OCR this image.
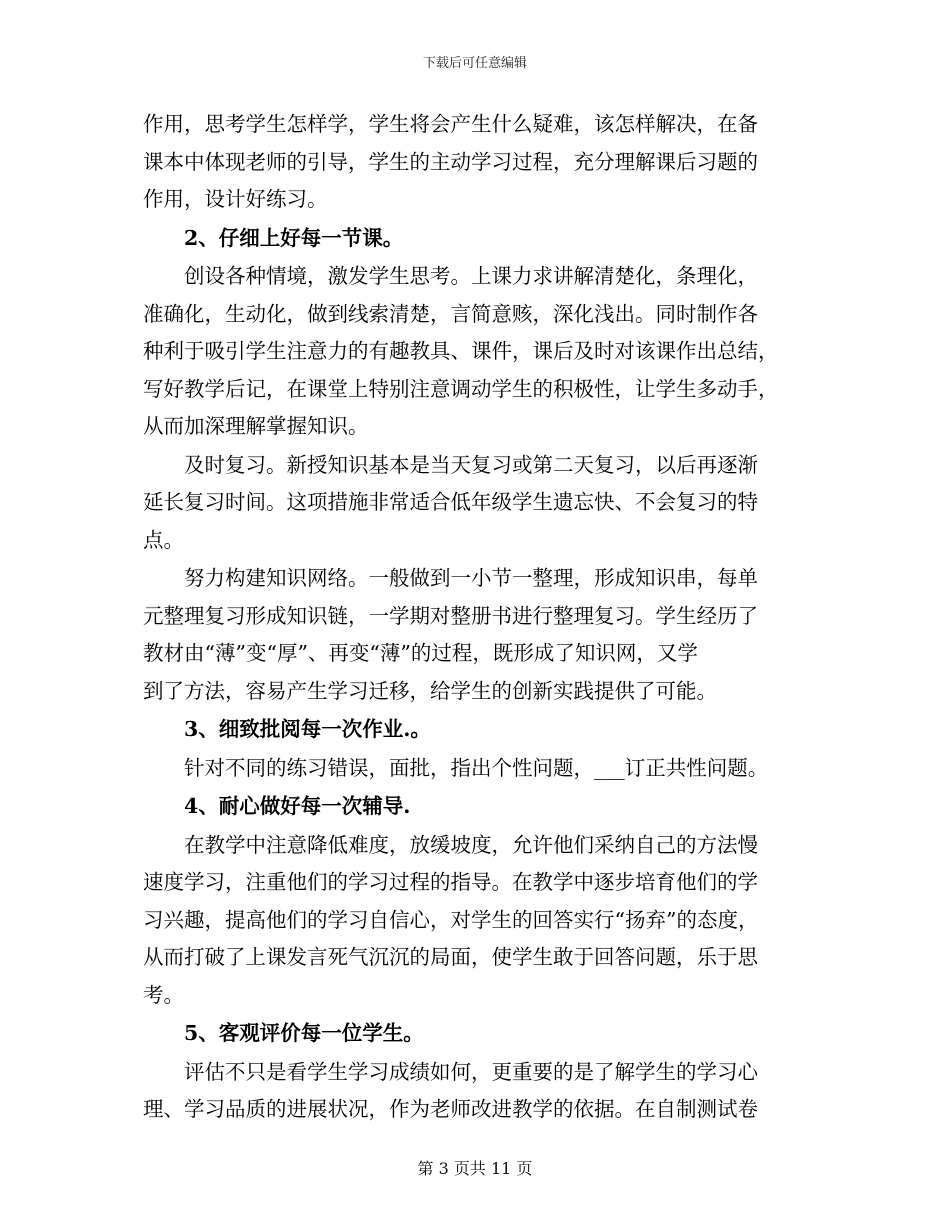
下载后可任意编辑
作用，思考学生怎样学，学生将会产生什么疑难，该怎样解决，在备
课本中体现老师的引导，学生的主动学习过程，充分理解课后习题的
作用，设计好练习。
2、仔细上好每一节课。
创设各种情境，激发学生思考。上课力求讲解清楚化，条理化，
准确化，生动化，做到线索清楚，言简意赅，深化浅出。同时制作各
种利于吸引学生注意力的有趣教具、课件，课后及时对该课作出总结，
写好教学后记，在课堂上特别注意调动学生的积极性，让学生多动手，
从而加深理解掌握知识。
及时复习。新授知识基本是当天复习或第二天复习，以后再逐渐
延长复习时间。这项措施非常适合低年级学生遗忘快、不会复习的特
点。
努力构建知识网络。一般做到一小节一整理，形成知识串，每单
元整理复习形成知识链，一学期对整册书进行整理复习。学生经历了
教材由“薄”变“厚”、再变“薄”的过程，既形成了知识网，又学
到了方法，容易产生学习迁移，给学生的创新实践提供了可能。
3、细致批阅每一次作业.。
针对不同的练习错误，面批，指出个性问题，___订正共性问题。
4、耐心做好每一次辅导.
在教学中注意降低难度，放缓坡度，允许他们采纳自己的方法慢
速度学习，注重他们的学习过程的指导。在教学中逐步培育他们的学
习兴趣，提高他们的学习自信心，对学生的回答实行“扬弃”的态度，
从而打破了上课发言死气沉沉的局面，使学生敢于回答问题，乐于思
考。
5、客观评价每一位学生。
评估不只是看学生学习成绩如何，更重要的是了解学生的学习心
理、学习品质的进展状况，作为老师改进教学的依据。在自制测试卷
第 3 页共 11 页
